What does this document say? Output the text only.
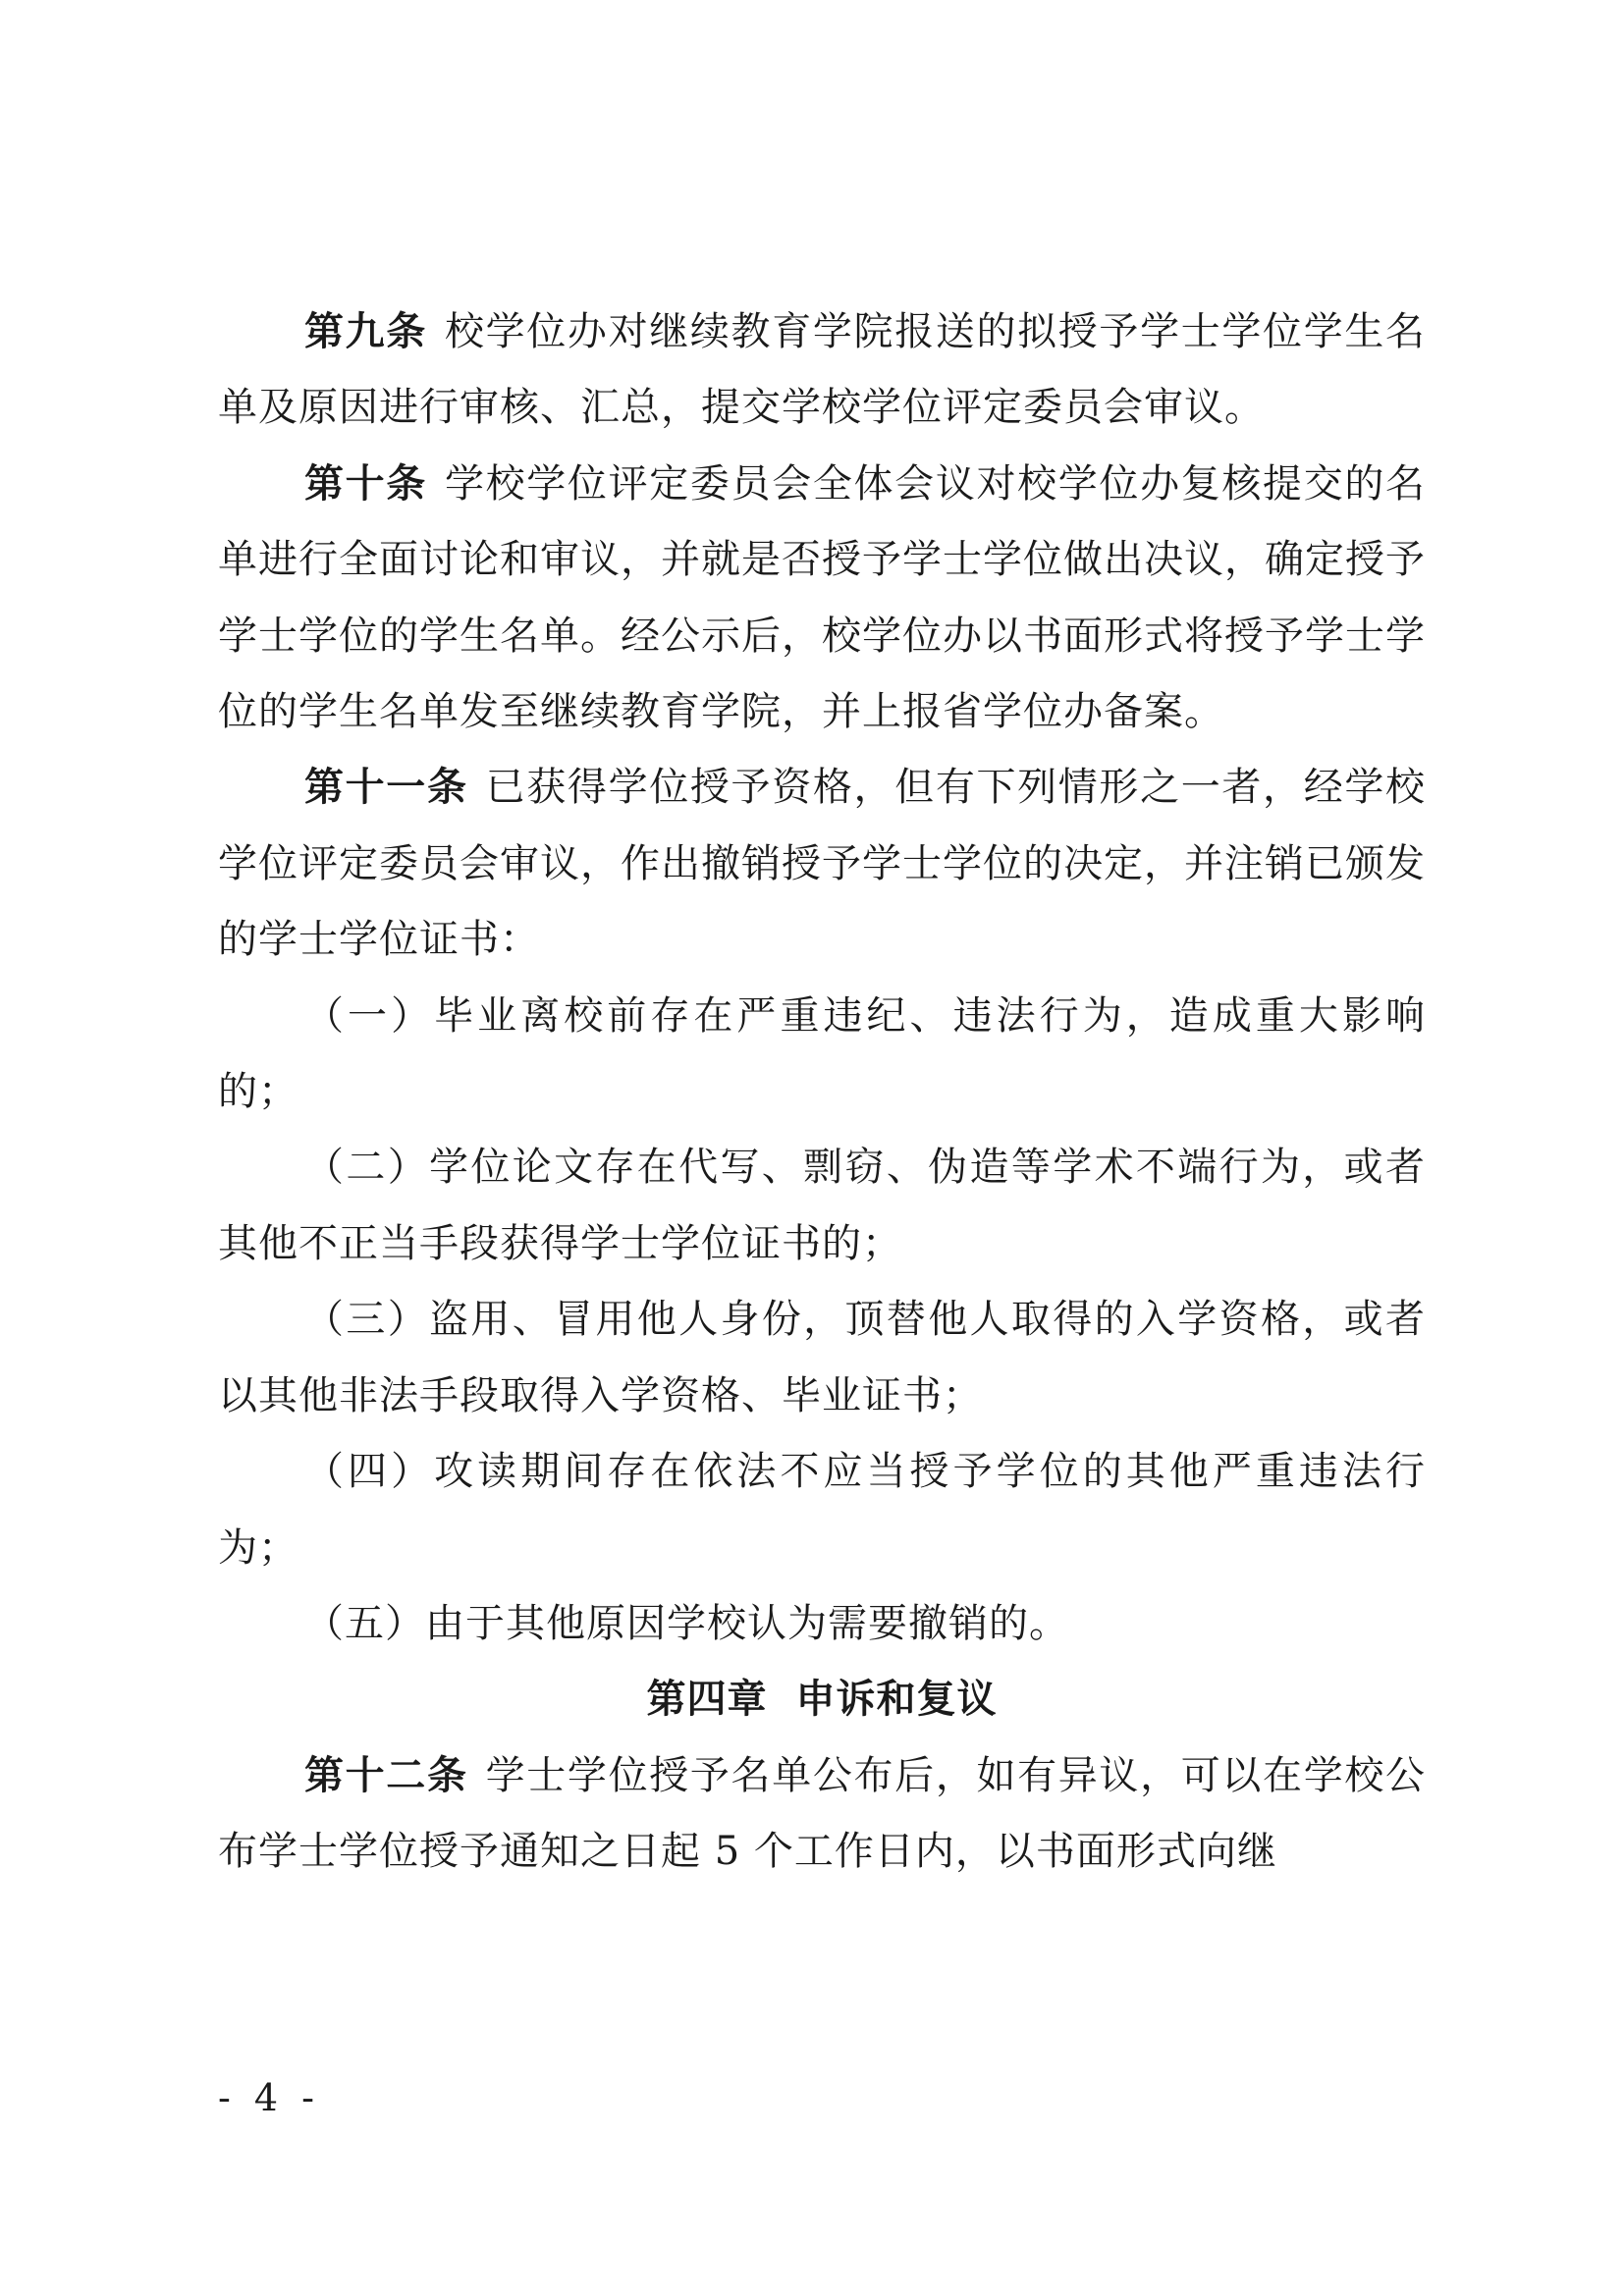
第九条 校学位办对继续教育学院报送的拟授予学士学位学生名单及原因进行审核、汇总，提交学校学位评定委员会审议。

第十条 学校学位评定委员会全体会议对校学位办复核提交的名单进行全面讨论和审议，并就是否授予学士学位做出决议，确定授予学士学位的学生名单。经公示后，校学位办以书面形式将授予学士学位的学生名单发至继续教育学院，并上报省学位办备案。

第十一条 已获得学位授予资格，但有下列情形之一者，经学校学位评定委员会审议，作出撤销授予学士学位的决定，并注销已颁发的学士学位证书：

（一）毕业离校前存在严重违纪、违法行为，造成重大影响的；

（二）学位论文存在代写、剽窃、伪造等学术不端行为，或者其他不正当手段获得学士学位证书的；

（三）盗用、冒用他人身份，顶替他人取得的入学资格，或者以其他非法手段取得入学资格、毕业证书；

（四）攻读期间存在依法不应当授予学位的其他严重违法行为；

（五）由于其他原因学校认为需要撤销的。

第四章 申诉和复议

第十二条 学士学位授予名单公布后，如有异议，可以在学校公布学士学位授予通知之日起 5 个工作日内，以书面形式向继

- 4 -
